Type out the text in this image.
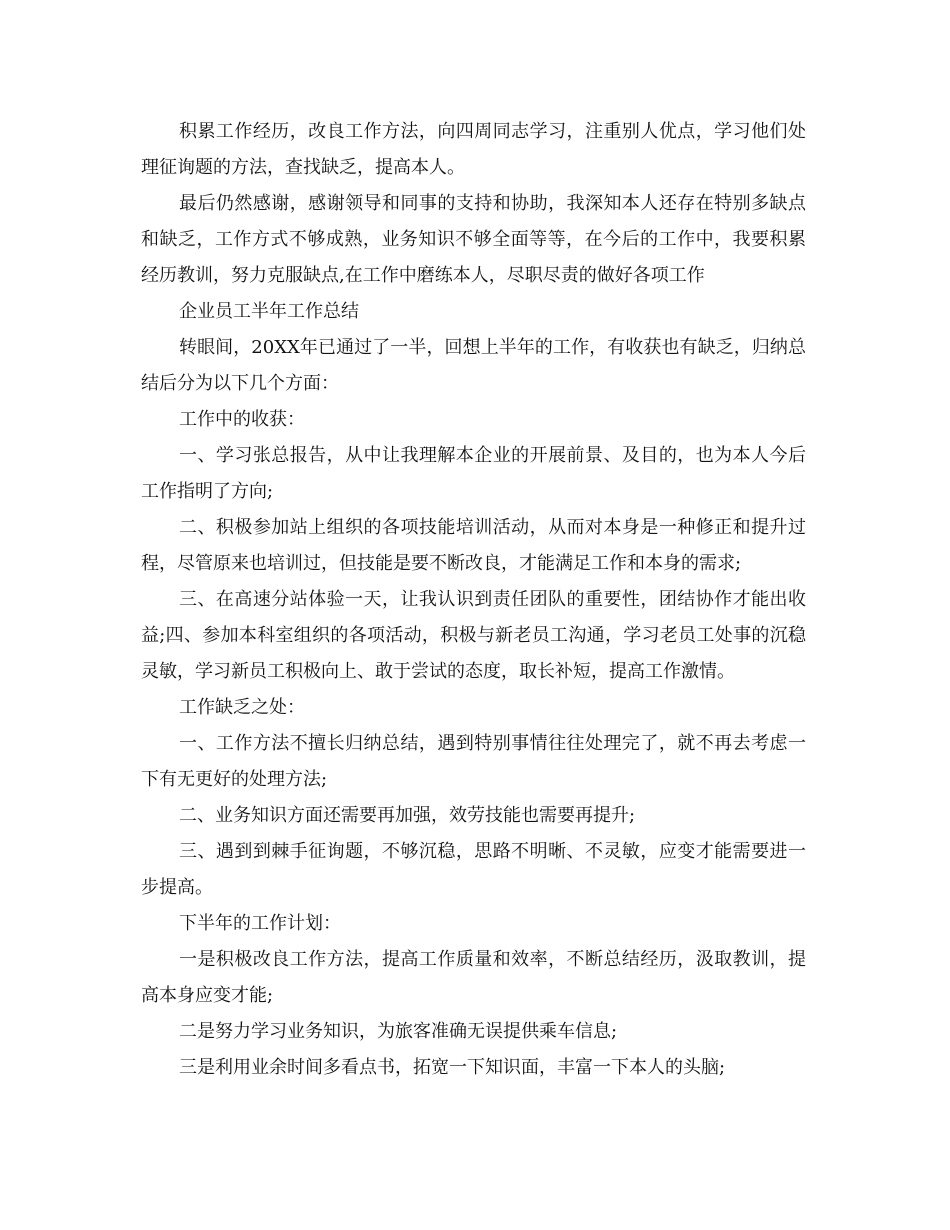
积累工作经历，改良工作方法，向四周同志学习，注重别人优点，学习他们处理征询题的方法，查找缺乏，提高本人。

最后仍然感谢，感谢领导和同事的支持和协助，我深知本人还存在特别多缺点和缺乏，工作方式不够成熟，业务知识不够全面等等，在今后的工作中，我要积累经历教训，努力克服缺点,在工作中磨练本人，尽职尽责的做好各项工作

企业员工半年工作总结

转眼间，20XX年已通过了一半，回想上半年的工作，有收获也有缺乏，归纳总结后分为以下几个方面：

工作中的收获：

一、学习张总报告，从中让我理解本企业的开展前景、及目的，也为本人今后工作指明了方向;

二、积极参加站上组织的各项技能培训活动，从而对本身是一种修正和提升过程，尽管原来也培训过，但技能是要不断改良，才能满足工作和本身的需求;

三、在高速分站体验一天，让我认识到责任团队的重要性，团结协作才能出收益;四、参加本科室组织的各项活动，积极与新老员工沟通，学习老员工处事的沉稳灵敏，学习新员工积极向上、敢于尝试的态度，取长补短，提高工作激情。

工作缺乏之处：

一、工作方法不擅长归纳总结，遇到特别事情往往处理完了，就不再去考虑一下有无更好的处理方法;

二、业务知识方面还需要再加强，效劳技能也需要再提升;

三、遇到到棘手征询题，不够沉稳，思路不明晰、不灵敏，应变才能需要进一步提高。

下半年的工作计划：

一是积极改良工作方法，提高工作质量和效率，不断总结经历，汲取教训，提高本身应变才能;

二是努力学习业务知识，为旅客准确无误提供乘车信息;

三是利用业余时间多看点书，拓宽一下知识面，丰富一下本人的头脑;
